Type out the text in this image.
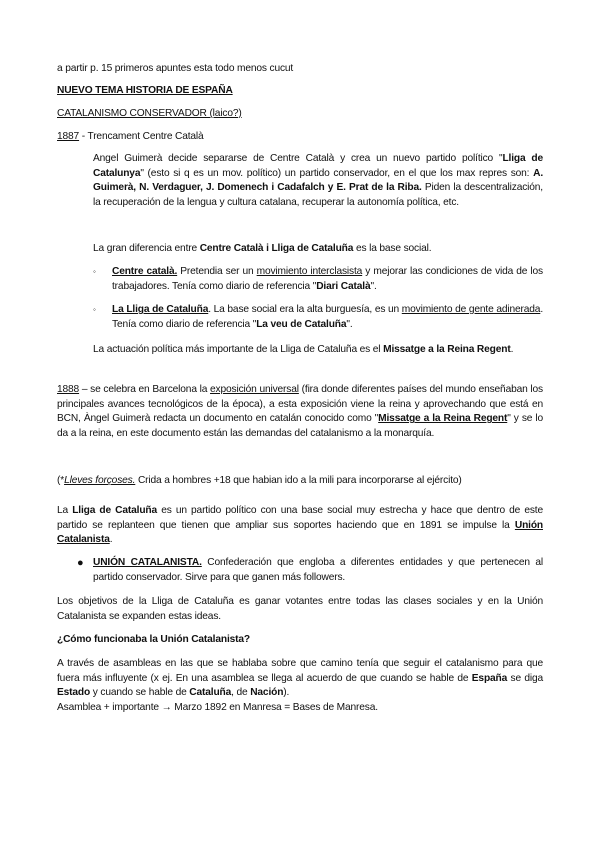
a partir p. 15 primeros apuntes esta todo menos cucut
NUEVO TEMA HISTORIA DE ESPAÑA
CATALANISMO CONSERVADOR (laico?)
1887 - Trencament Centre Català
Angel Guimerà decide separarse de Centre Català y crea un nuevo partido político "Lliga de Catalunya" (esto si q es un mov. político) un partido conservador, en el que los max repres son: A. Guimerà, N. Verdaguer, J. Domenech i Cadafalch y E. Prat de la Riba. Piden la descentralización, la recuperación de la lengua y cultura catalana, recuperar la autonomía política, etc.
La gran diferencia entre Centre Català i Lliga de Cataluña es la base social.
◦ Centre català. Pretendia ser un movimiento interclasista y mejorar las condiciones de vida de los trabajadores. Tenía como diario de referencia "Diari Català".
◦ La Lliga de Cataluña. La base social era la alta burguesía, es un movimiento de gente adinerada. Tenía como diario de referencia "La veu de Cataluña".
La actuación política más importante de la Lliga de Cataluña es el Missatge a la Reina Regent.
1888 – se celebra en Barcelona la exposición universal (fira donde diferentes países del mundo enseñaban los principales avances tecnológicos de la época), a esta exposición viene la reina y aprovechando que está en BCN, Àngel Guimerà redacta un documento en catalán conocido como "Missatge a la Reina Regent" y se lo da a la reina, en este documento están las demandas del catalanismo a la monarquía.
(*Lleves forçoses. Crida a hombres +18 que habian ido a la mili para incorporarse al ejército)
La Lliga de Cataluña es un partido político con una base social muy estrecha y hace que dentro de este partido se replanteen que tienen que ampliar sus soportes haciendo que en 1891 se impulse la Unión Catalanista.
● UNIÓN CATALANISTA. Confederación que engloba a diferentes entidades y que pertenecen al partido conservador. Sirve para que ganen más followers.
Los objetivos de la Lliga de Cataluña es ganar votantes entre todas las clases sociales y en la Unión Catalanista se expanden estas ideas.
¿Cómo funcionaba la Unión Catalanista?
A través de asambleas en las que se hablaba sobre que camino tenía que seguir el catalanismo para que fuera más influyente (x ej. En una asamblea se llega al acuerdo de que cuando se hable de España se diga Estado y cuando se hable de Cataluña, de Nación).
Asamblea + importante → Marzo 1892 en Manresa = Bases de Manresa.
